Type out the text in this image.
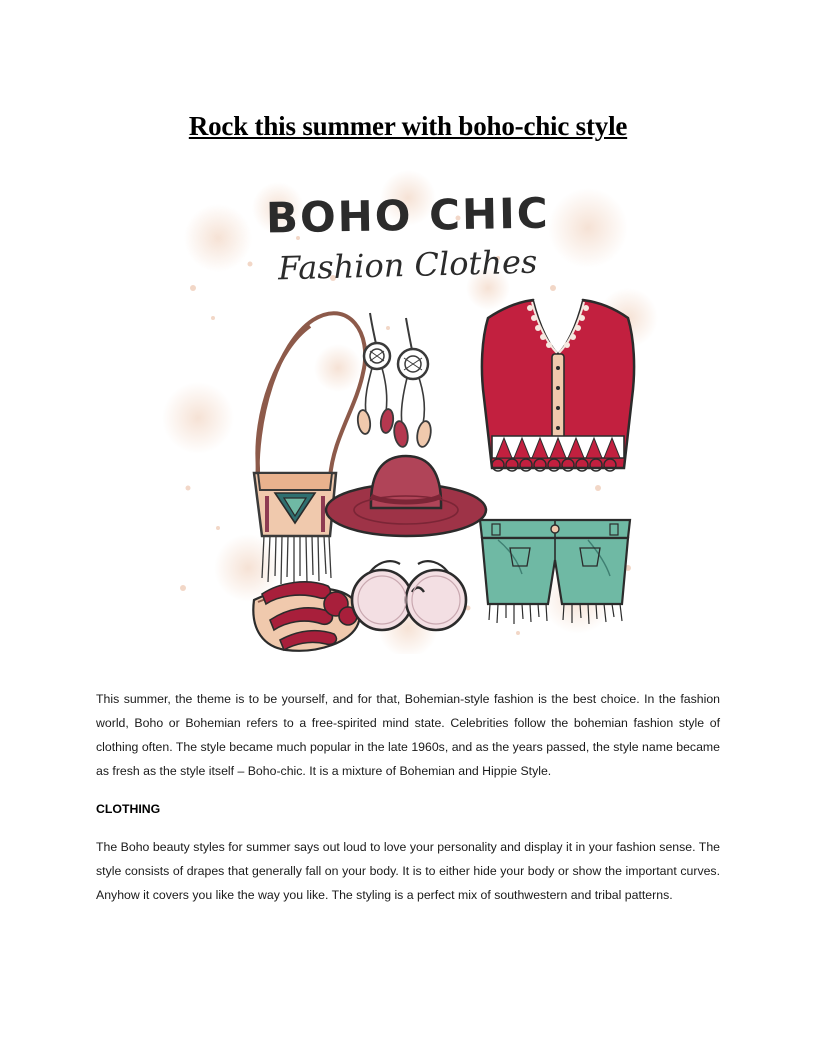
Rock this summer with boho-chic style
BOHO CHIC
Fashion Clothes

This summer, the theme is to be yourself, and for that, Bohemian-style fashion is the best choice. In the fashion world, Boho or Bohemian refers to a free-spirited mind state. Celebrities follow the bohemian fashion style of clothing often. The style became much popular in the late 1960s, and as the years passed, the style name became as fresh as the style itself – Boho-chic. It is a mixture of Bohemian and Hippie Style.

CLOTHING

The Boho beauty styles for summer says out loud to love your personality and display it in your fashion sense. The style consists of drapes that generally fall on your body. It is to either hide your body or show the important curves. Anyhow it covers you like the way you like. The styling is a perfect mix of southwestern and tribal patterns.
